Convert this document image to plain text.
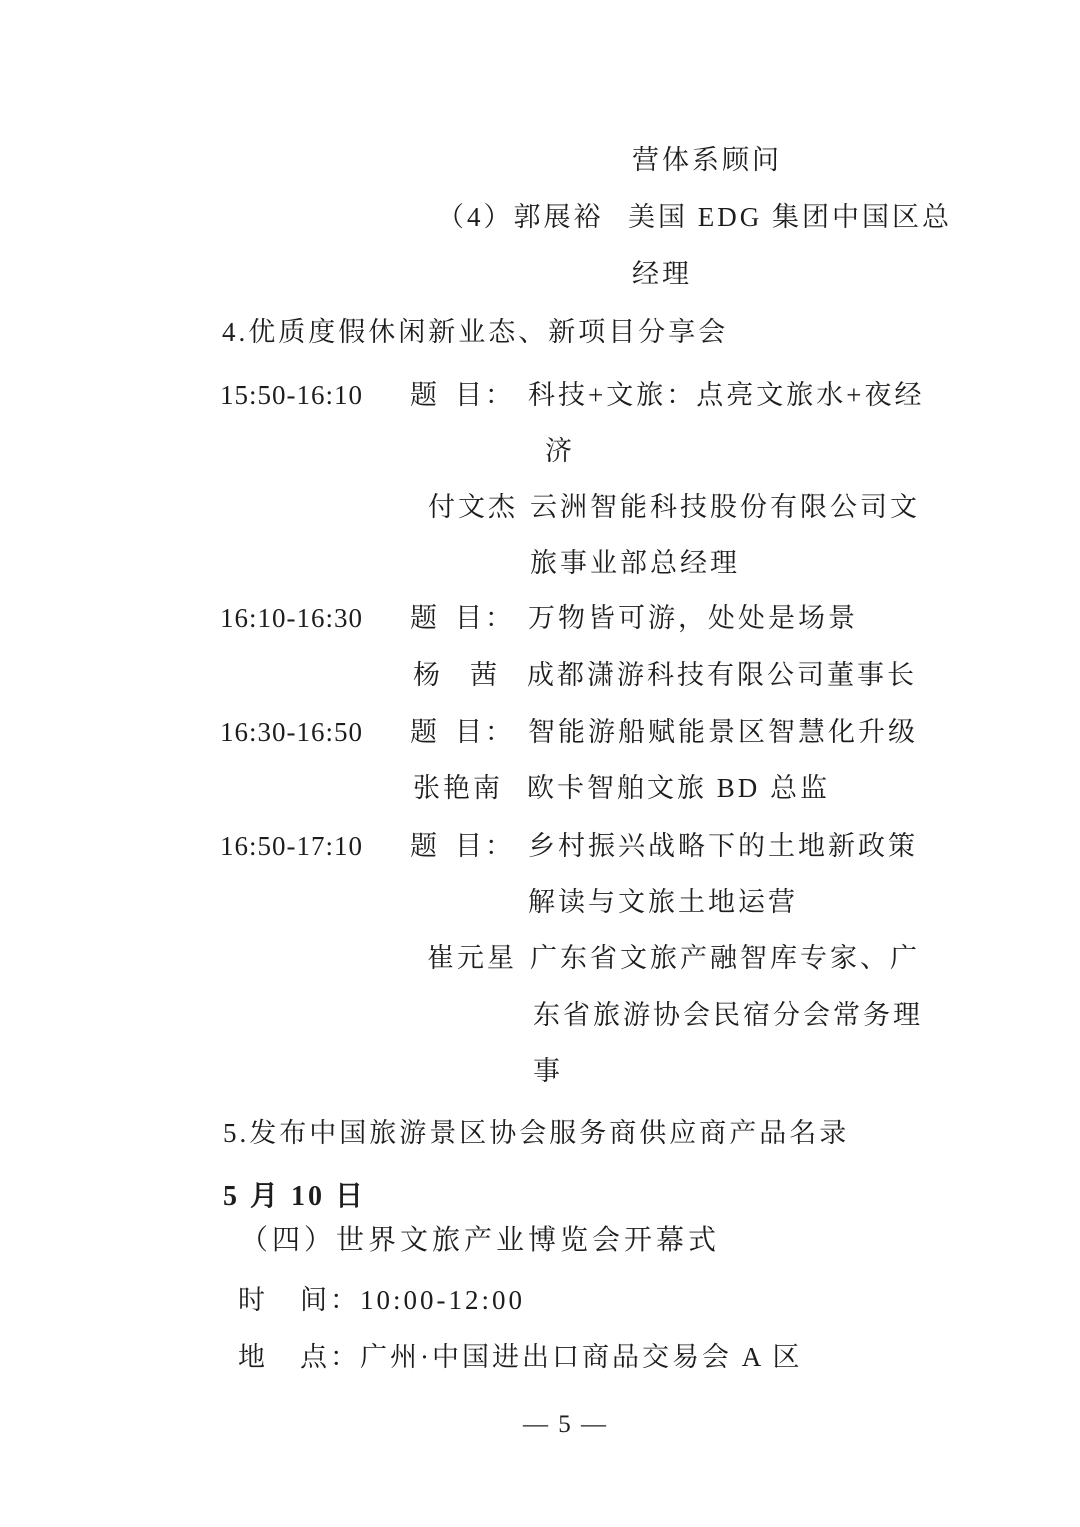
营体系顾问
（4）郭展裕 美国 EDG 集团中国区总
经理
4.优质度假休闲新业态、新项目分享会
15:50-16:10 题 目： 科技+文旅：点亮文旅水+夜经
济
付文杰 云洲智能科技股份有限公司文
旅事业部总经理
16:10-16:30 题 目： 万物皆可游，处处是场景
杨 茜 成都潇游科技有限公司董事长
16:30-16:50 题 目： 智能游船赋能景区智慧化升级
张艳南 欧卡智舶文旅 BD 总监
16:50-17:10 题 目： 乡村振兴战略下的土地新政策
解读与文旅土地运营
崔元星 广东省文旅产融智库专家、广
东省旅游协会民宿分会常务理
事
5.发布中国旅游景区协会服务商供应商产品名录
5 月 10 日
（四）世界文旅产业博览会开幕式
时 间：10:00-12:00
地 点：广州·中国进出口商品交易会 A 区
— 5 —
